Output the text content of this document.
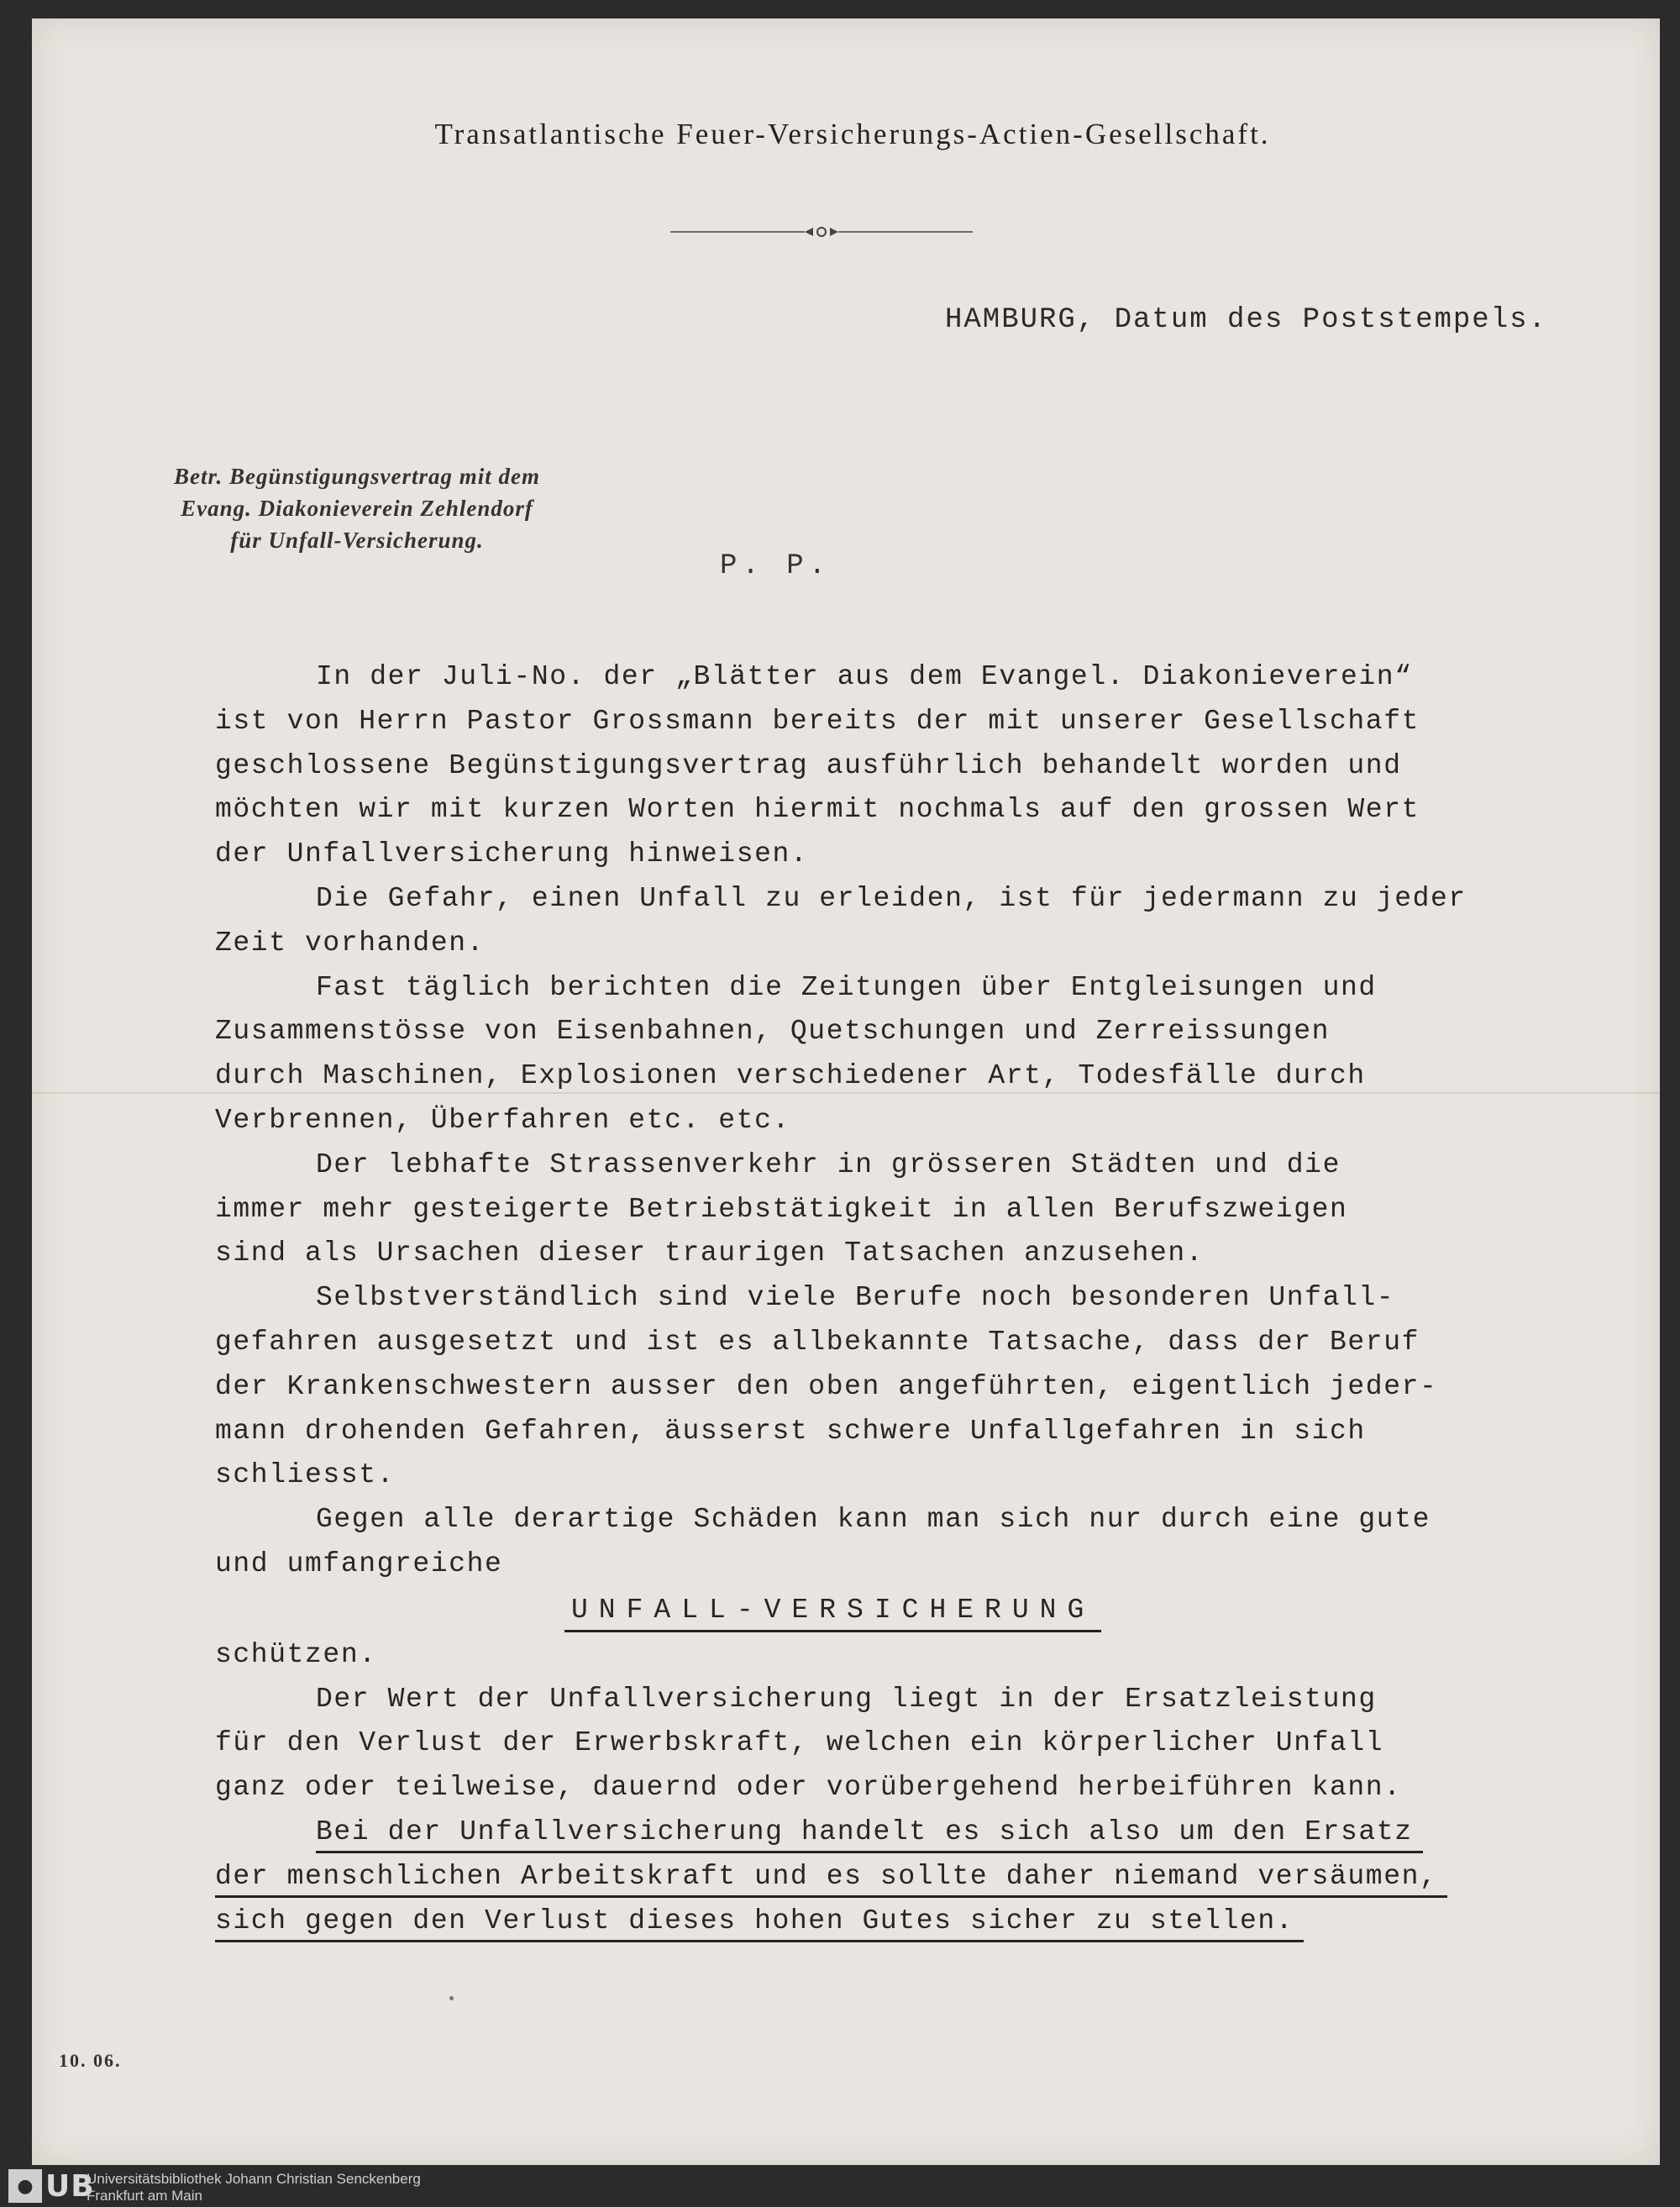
Transatlantische Feuer-Versicherungs-Actien-Gesellschaft.
HAMBURG, Datum des Poststempels.
Betr. Begünstigungsvertrag mit dem
Evang. Diakonieverein Zehlendorf
für Unfall-Versicherung.
P. P.
In der Juli-No. der „Blätter aus dem Evangel. Diakonieverein“
ist von Herrn Pastor Grossmann bereits der mit unserer Gesellschaft
geschlossene Begünstigungsvertrag ausführlich behandelt worden und
möchten wir mit kurzen Worten hiermit nochmals auf den grossen Wert
der Unfallversicherung hinweisen.
Die Gefahr, einen Unfall zu erleiden, ist für jedermann zu jeder
Zeit vorhanden.
Fast täglich berichten die Zeitungen über Entgleisungen und
Zusammenstösse von Eisenbahnen, Quetschungen und Zerreissungen
durch Maschinen, Explosionen verschiedener Art, Todesfälle durch
Verbrennen, Überfahren etc. etc.
Der lebhafte Strassenverkehr in grösseren Städten und die
immer mehr gesteigerte Betriebstätigkeit in allen Berufszweigen
sind als Ursachen dieser traurigen Tatsachen anzusehen.
Selbstverständlich sind viele Berufe noch besonderen Unfall-
gefahren ausgesetzt und ist es allbekannte Tatsache, dass der Beruf
der Krankenschwestern ausser den oben angeführten, eigentlich jeder-
mann drohenden Gefahren, äusserst schwere Unfallgefahren in sich
schliesst.
Gegen alle derartige Schäden kann man sich nur durch eine gute
und umfangreiche
UNFALL-VERSICHERUNG
schützen.
Der Wert der Unfallversicherung liegt in der Ersatzleistung
für den Verlust der Erwerbskraft, welchen ein körperlicher Unfall
ganz oder teilweise, dauernd oder vorübergehend herbeiführen kann.
Bei der Unfallversicherung handelt es sich also um den Ersatz
der menschlichen Arbeitskraft und es sollte daher niemand versäumen,
sich gegen den Verlust dieses hohen Gutes sicher zu stellen.
10. 06.
● UB
Universitätsbibliothek Johann Christian Senckenberg
Frankfurt am Main
